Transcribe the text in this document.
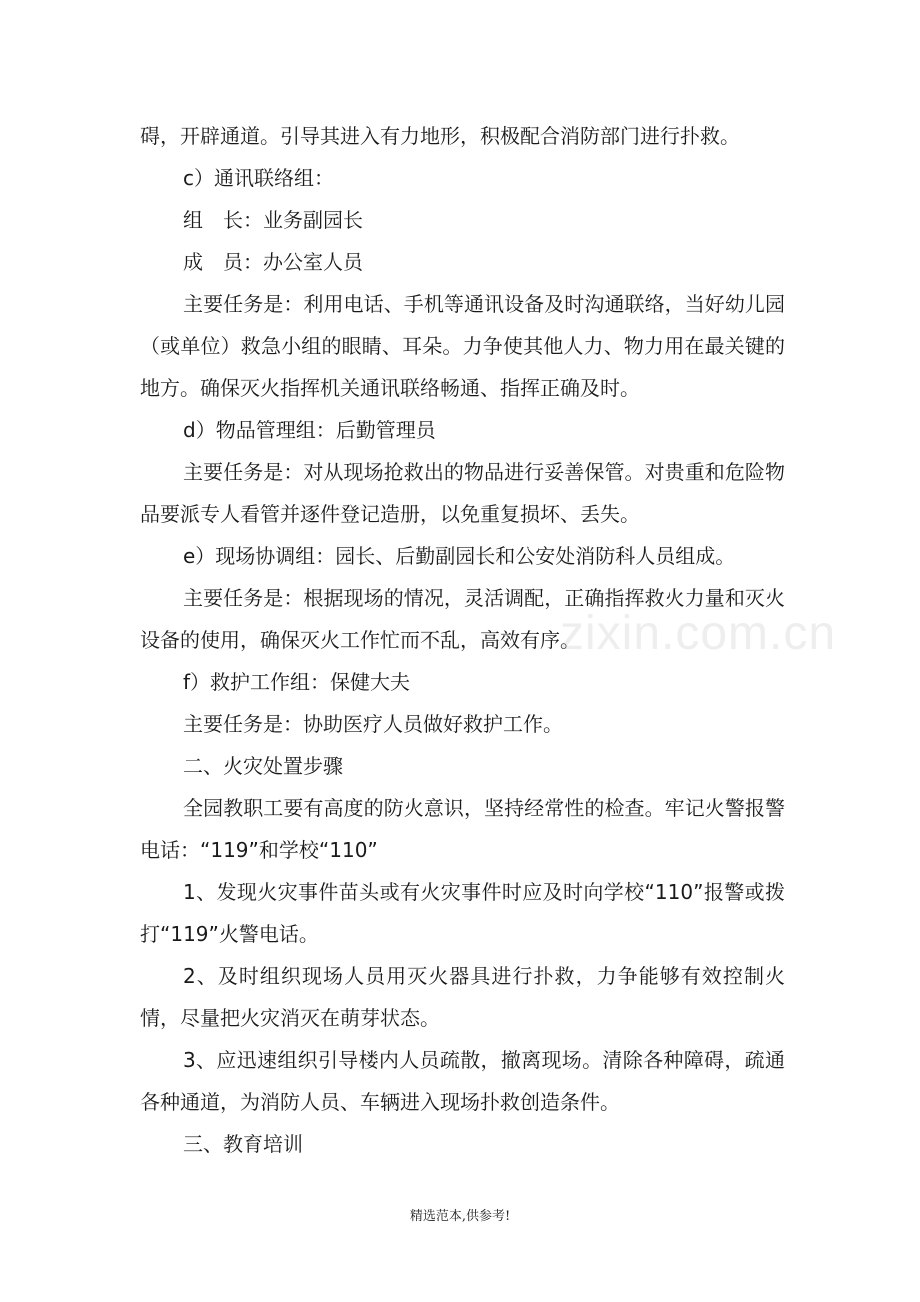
碍，开辟通道。引导其进入有力地形，积极配合消防部门进行扑救。

c）通讯联络组：

组　长：业务副园长

成　员：办公室人员

主要任务是：利用电话、手机等通讯设备及时沟通联络，当好幼儿园（或单位）救急小组的眼睛、耳朵。力争使其他人力、物力用在最关键的地方。确保灭火指挥机关通讯联络畅通、指挥正确及时。

d）物品管理组：后勤管理员

主要任务是：对从现场抢救出的物品进行妥善保管。对贵重和危险物品要派专人看管并逐件登记造册，以免重复损坏、丢失。

e）现场协调组：园长、后勤副园长和公安处消防科人员组成。

主要任务是：根据现场的情况，灵活调配，正确指挥救火力量和灭火设备的使用，确保灭火工作忙而不乱，高效有序。

f）救护工作组：保健大夫

主要任务是：协助医疗人员做好救护工作。

二、火灾处置步骤

全园教职工要有高度的防火意识，坚持经常性的检查。牢记火警报警电话：“119”和学校“110”

1、发现火灾事件苗头或有火灾事件时应及时向学校“110”报警或拨打“119”火警电话。

2、及时组织现场人员用灭火器具进行扑救，力争能够有效控制火情，尽量把火灾消灭在萌芽状态。

3、应迅速组织引导楼内人员疏散，撤离现场。清除各种障碍，疏通各种通道，为消防人员、车辆进入现场扑救创造条件。

三、教育培训

zixin.com.cn
精选范本,供参考!
